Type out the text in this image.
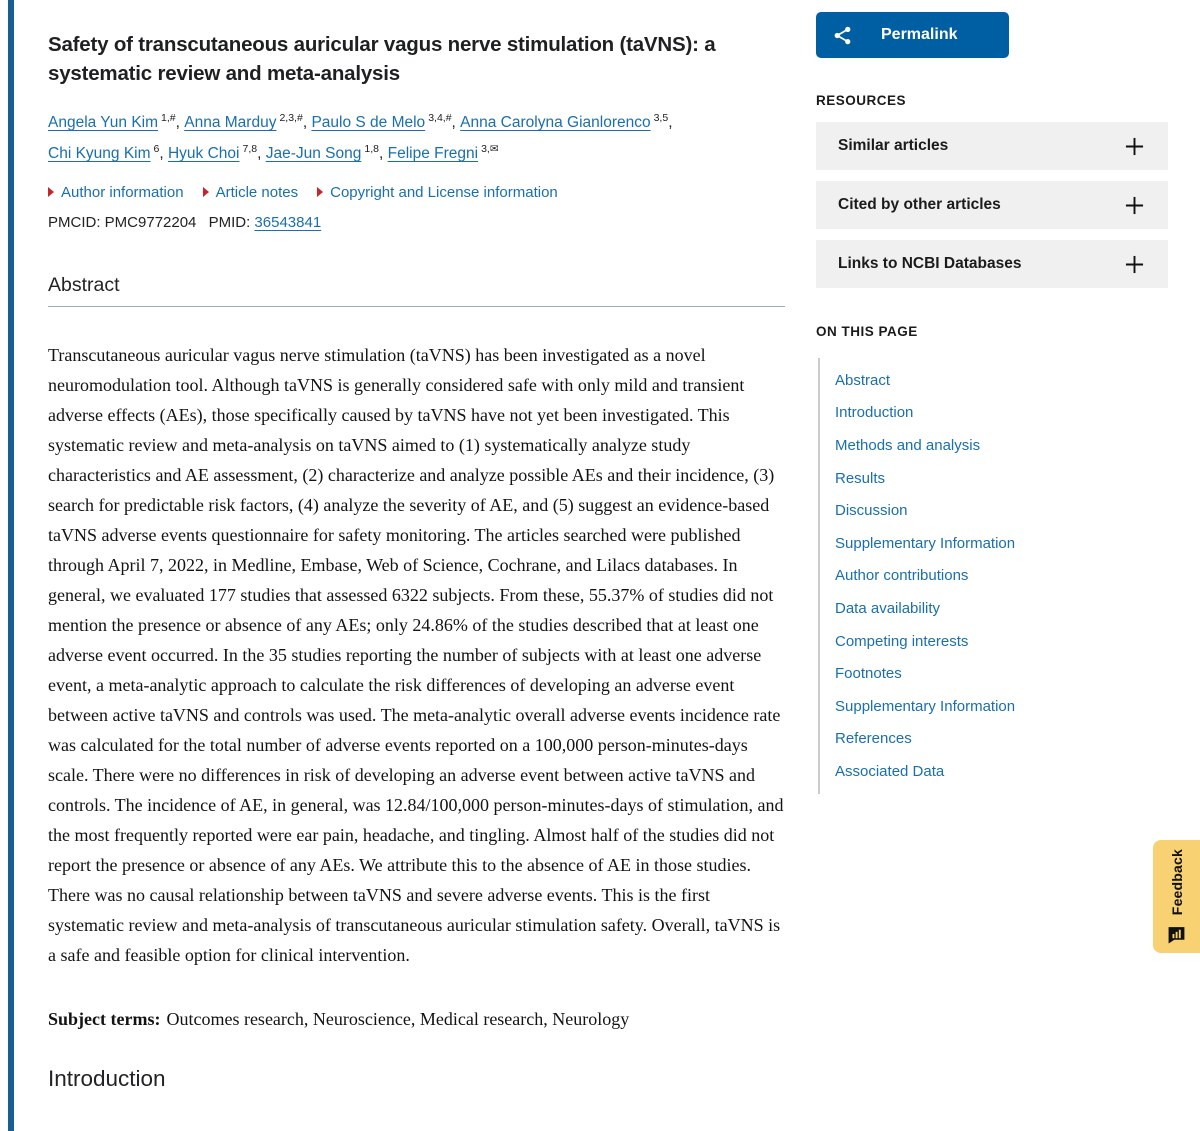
Safety of transcutaneous auricular vagus nerve stimulation (taVNS): a systematic review and meta-analysis
Angela Yun Kim $^{1,\#}$ , Anna Marduy $^{2,3,\#}$ , Paulo S de Melo $^{3,4,\#}$ , Anna Carolyna Gianlorenco $^{3,5}$ , Chi Kyung Kim $^6$ , Hyuk Choi $^{7,8}$ , Jae-Jun Song $^{1,8}$ , Felipe Fregni $^{3,✉}$
Author information Article notes Copyright and License information
PMCID: PMC9772204 PMID: 36543841
Abstract

Transcutaneous auricular vagus nerve stimulation (taVNS) has been investigated as a novel neuromodulation tool. Although taVNS is generally considered safe with only mild and transient adverse effects (AEs), those specifically caused by taVNS have not yet been investigated. This systematic review and meta-analysis on taVNS aimed to (1) systematically analyze study characteristics and AE assessment, (2) characterize and analyze possible AEs and their incidence, (3) search for predictable risk factors, (4) analyze the severity of AE, and (5) suggest an evidence-based taVNS adverse events questionnaire for safety monitoring. The articles searched were published through April 7, 2022, in Medline, Embase, Web of Science, Cochrane, and Lilacs databases. In general, we evaluated 177 studies that assessed 6322 subjects. From these, 55.37% of studies did not mention the presence or absence of any AEs; only 24.86% of the studies described that at least one adverse event occurred. In the 35 studies reporting the number of subjects with at least one adverse event, a meta-analytic approach to calculate the risk differences of developing an adverse event between active taVNS and controls was used. The meta-analytic overall adverse events incidence rate was calculated for the total number of adverse events reported on a 100,000 person-minutes-days scale. There were no differences in risk of developing an adverse event between active taVNS and controls. The incidence of AE, in general, was 12.84/100,000 person-minutes-days of stimulation, and the most frequently reported were ear pain, headache, and tingling. Almost half of the studies did not report the presence or absence of any AEs. We attribute this to the absence of AE in those studies. There was no causal relationship between taVNS and severe adverse events. This is the first systematic review and meta-analysis of transcutaneous auricular stimulation safety. Overall, taVNS is a safe and feasible option for clinical intervention.

Subject terms: Outcomes research, Neuroscience, Medical research, Neurology

Introduction
Permalink
RESOURCES
Similar articles
Cited by other articles
Links to NCBI Databases
ON THIS PAGE
Abstract
Introduction
Methods and analysis
Results
Discussion
Supplementary Information
Author contributions
Data availability
Competing interests
Footnotes
Supplementary Information
References
Associated Data
Feedback
